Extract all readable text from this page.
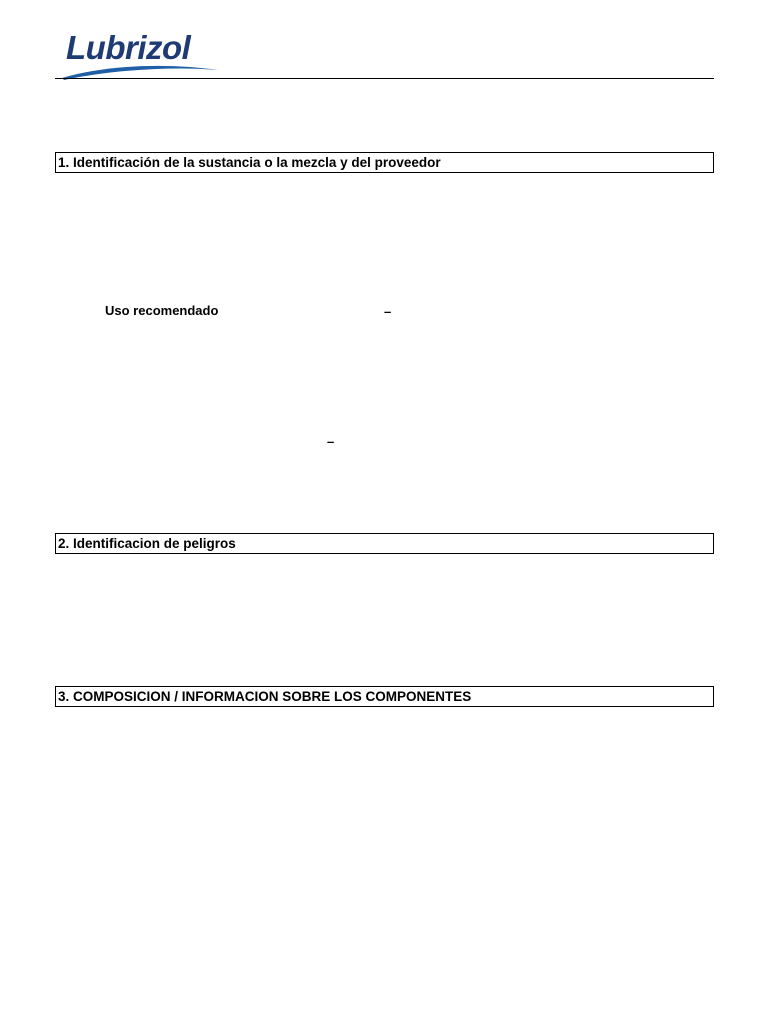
Lubrizol
1. Identificación de la sustancia o la mezcla y del proveedor
Uso recomendado	–
–
2. Identificacion de peligros
3. COMPOSICION / INFORMACION SOBRE LOS COMPONENTES
